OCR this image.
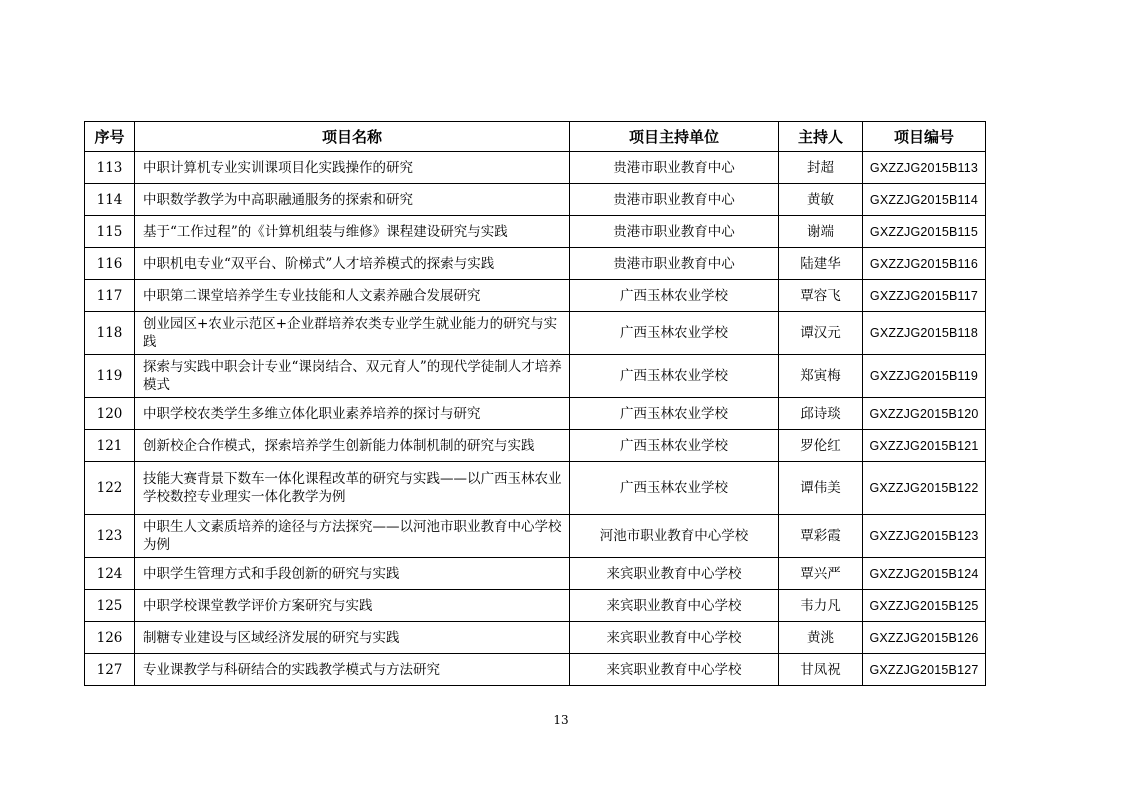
序号	项目名称	项目主持单位	主持人	项目编号
113	中职计算机专业实训课项目化实践操作的研究	贵港市职业教育中心	封超	GXZZJG2015B113
114	中职数学教学为中高职融通服务的探索和研究	贵港市职业教育中心	黄敏	GXZZJG2015B114
115	基于“工作过程”的《计算机组装与维修》课程建设研究与实践	贵港市职业教育中心	谢端	GXZZJG2015B115
116	中职机电专业“双平台、阶梯式”人才培养模式的探索与实践	贵港市职业教育中心	陆建华	GXZZJG2015B116
117	中职第二课堂培养学生专业技能和人文素养融合发展研究	广西玉林农业学校	覃容飞	GXZZJG2015B117
118	创业园区+农业示范区+企业群培养农类专业学生就业能力的研究与实践	广西玉林农业学校	谭汉元	GXZZJG2015B118
119	探索与实践中职会计专业“课岗结合、双元育人”的现代学徒制人才培养模式	广西玉林农业学校	郑寅梅	GXZZJG2015B119
120	中职学校农类学生多维立体化职业素养培养的探讨与研究	广西玉林农业学校	邱诗琰	GXZZJG2015B120
121	创新校企合作模式，探索培养学生创新能力体制机制的研究与实践	广西玉林农业学校	罗伦红	GXZZJG2015B121
122	技能大赛背景下数车一体化课程改革的研究与实践——以广西玉林农业学校数控专业理实一体化教学为例	广西玉林农业学校	谭伟美	GXZZJG2015B122
123	中职生人文素质培养的途径与方法探究——以河池市职业教育中心学校为例	河池市职业教育中心学校	覃彩霞	GXZZJG2015B123
124	中职学生管理方式和手段创新的研究与实践	来宾职业教育中心学校	覃兴严	GXZZJG2015B124
125	中职学校课堂教学评价方案研究与实践	来宾职业教育中心学校	韦力凡	GXZZJG2015B125
126	制糖专业建设与区域经济发展的研究与实践	来宾职业教育中心学校	黄洮	GXZZJG2015B126
127	专业课教学与科研结合的实践教学模式与方法研究	来宾职业教育中心学校	甘凤祝	GXZZJG2015B127
13
